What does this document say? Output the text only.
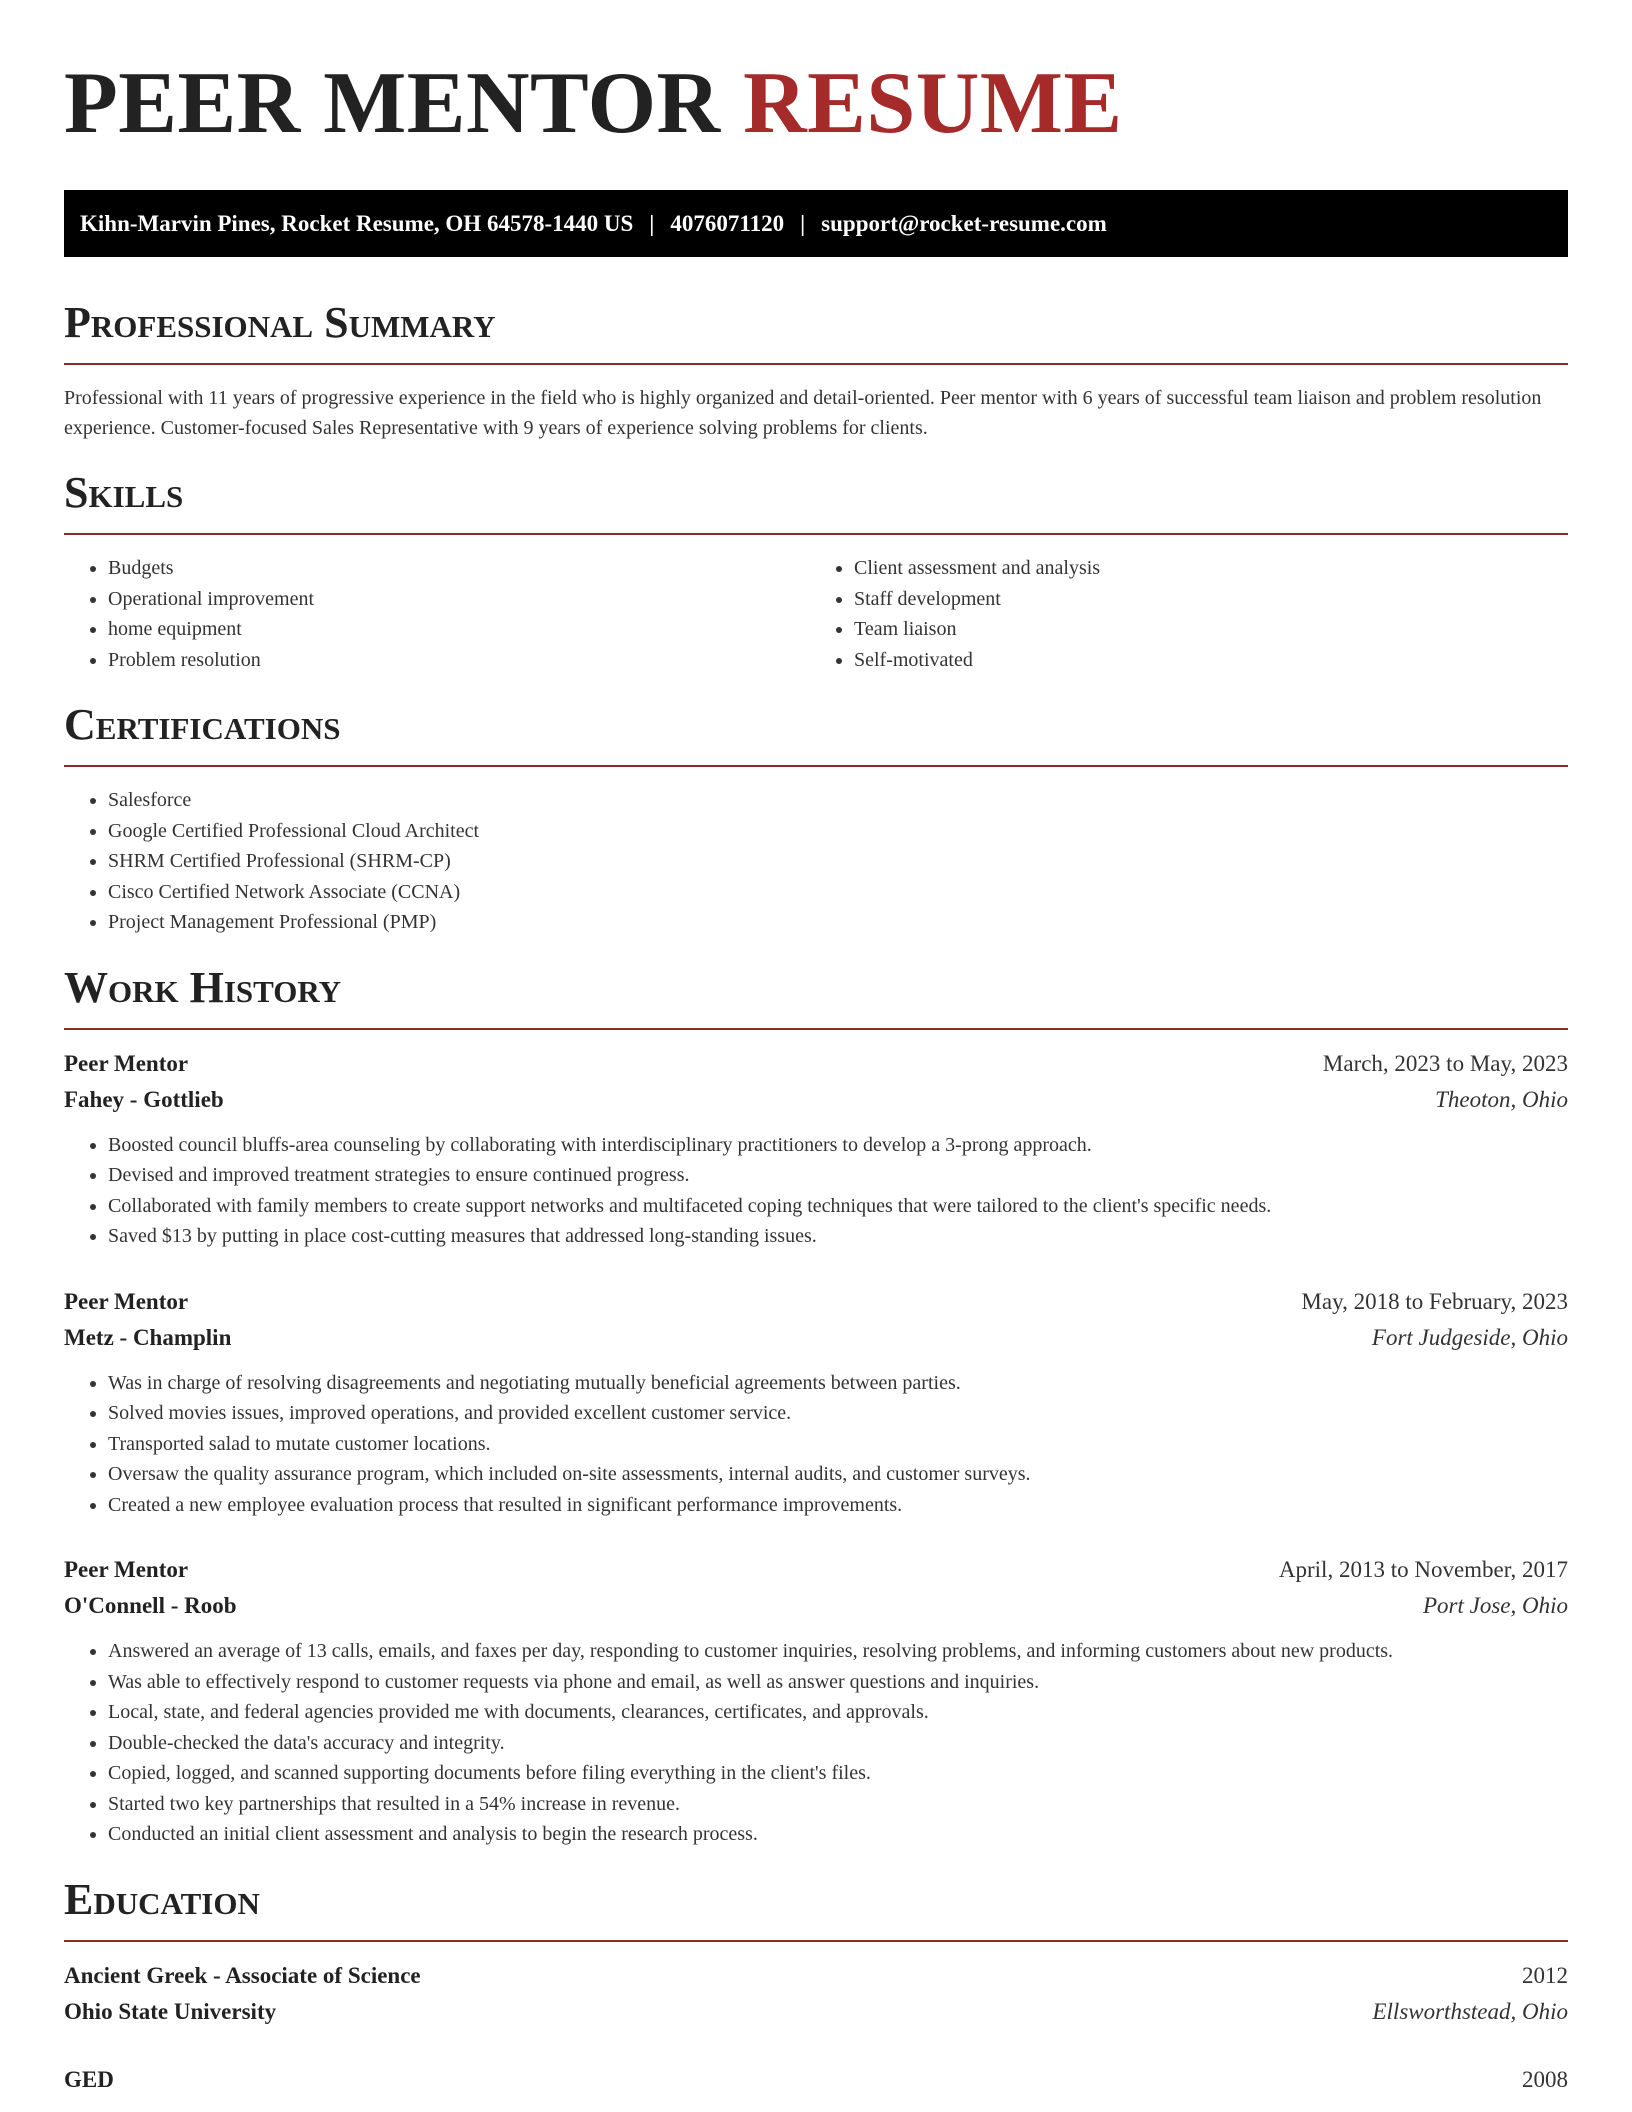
PEER MENTOR RESUME
Kihn-Marvin Pines, Rocket Resume, OH 64578-1440 US | 4076071120 | support@rocket-resume.com
Professional Summary

Professional with 11 years of progressive experience in the field who is highly organized and detail-oriented. Peer mentor with 6 years of successful team liaison and problem resolution experience. Customer-focused Sales Representative with 9 years of experience solving problems for clients.

Skills
• Budgets
• Operational improvement
• home equipment
• Problem resolution
• Client assessment and analysis
• Staff development
• Team liaison
• Self-motivated
Certifications
• Salesforce
• Google Certified Professional Cloud Architect
• SHRM Certified Professional (SHRM-CP)
• Cisco Certified Network Associate (CCNA)
• Project Management Professional (PMP)
Work History
Peer Mentor	March, 2023 to May, 2023
Fahey - Gottlieb	Theoton, Ohio
• Boosted council bluffs-area counseling by collaborating with interdisciplinary practitioners to develop a 3-prong approach.
• Devised and improved treatment strategies to ensure continued progress.
• Collaborated with family members to create support networks and multifaceted coping techniques that were tailored to the client's specific needs.
• Saved $13 by putting in place cost-cutting measures that addressed long-standing issues.
Peer Mentor	May, 2018 to February, 2023
Metz - Champlin	Fort Judgeside, Ohio
• Was in charge of resolving disagreements and negotiating mutually beneficial agreements between parties.
• Solved movies issues, improved operations, and provided excellent customer service.
• Transported salad to mutate customer locations.
• Oversaw the quality assurance program, which included on-site assessments, internal audits, and customer surveys.
• Created a new employee evaluation process that resulted in significant performance improvements.
Peer Mentor	April, 2013 to November, 2017
O'Connell - Roob	Port Jose, Ohio
• Answered an average of 13 calls, emails, and faxes per day, responding to customer inquiries, resolving problems, and informing customers about new products.
• Was able to effectively respond to customer requests via phone and email, as well as answer questions and inquiries.
• Local, state, and federal agencies provided me with documents, clearances, certificates, and approvals.
• Double-checked the data's accuracy and integrity.
• Copied, logged, and scanned supporting documents before filing everything in the client's files.
• Started two key partnerships that resulted in a 54% increase in revenue.
• Conducted an initial client assessment and analysis to begin the research process.
Education
Ancient Greek - Associate of Science	2012
Ohio State University	Ellsworthstead, Ohio
GED	2008
